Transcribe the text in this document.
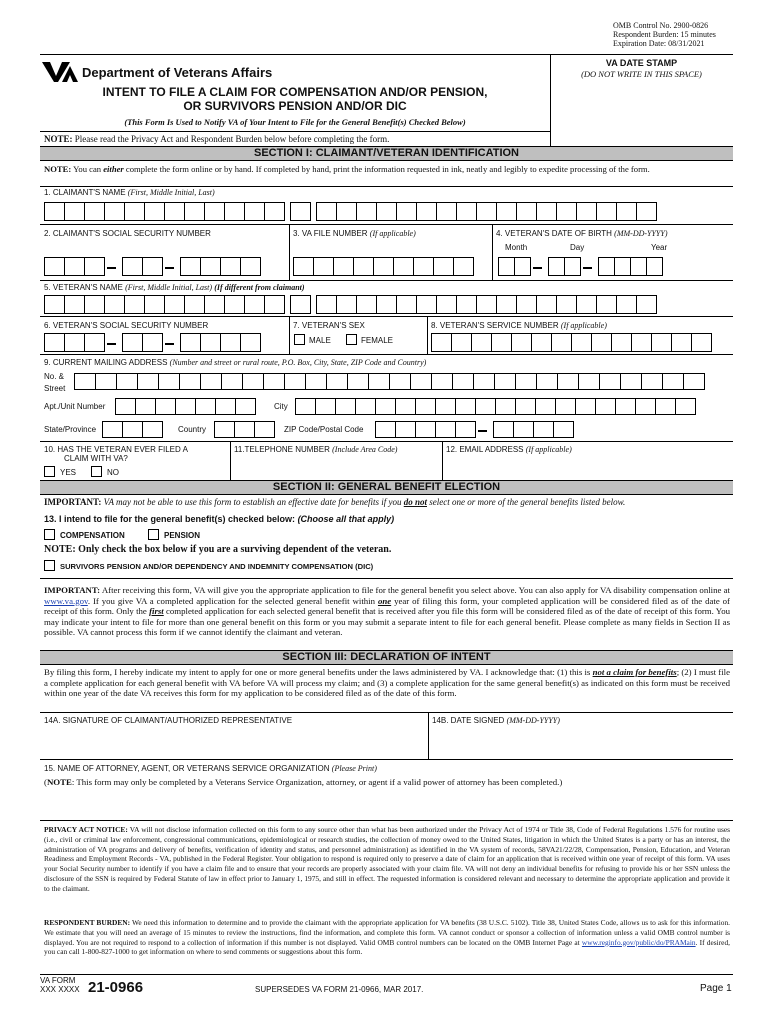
OMB Control No. 2900-0826
Respondent Burden: 15 minutes
Expiration Date: 08/31/2021
Department of Veterans Affairs
INTENT TO FILE A CLAIM FOR COMPENSATION AND/OR PENSION,
OR SURVIVORS PENSION AND/OR DIC
(This Form Is Used to Notify VA of Your Intent to File for the General Benefit(s) Checked Below)
VA DATE STAMP
(DO NOT WRITE IN THIS SPACE)
NOTE: Please read the Privacy Act and Respondent Burden below before completing the form.
SECTION I: CLAIMANT/VETERAN IDENTIFICATION
NOTE: You can either complete the form online or by hand. If completed by hand, print the information requested in ink, neatly and legibly to expedite processing of the form.
1. CLAIMANT'S NAME (First, Middle Initial, Last)
2. CLAIMANT'S SOCIAL SECURITY NUMBER	3. VA FILE NUMBER (If applicable)	4. VETERAN'S DATE OF BIRTH (MM-DD-YYYY)
Month	Day	Year
5. VETERAN'S NAME (First, Middle Initial, Last) (If different from claimant)
6. VETERAN'S SOCIAL SECURITY NUMBER	7. VETERAN'S SEX
MALE	FEMALE
8. VETERAN'S SERVICE NUMBER (If applicable)
9. CURRENT MAILING ADDRESS (Number and street or rural route, P.O. Box, City, State, ZIP Code and Country)
No. &
Street
Apt./Unit Number	City
State/Province	Country	ZIP Code/Postal Code
10. HAS THE VETERAN EVER FILED A
CLAIM WITH VA?
YES	NO
11.TELEPHONE NUMBER (Include Area Code)	12. EMAIL ADDRESS (If applicable)
SECTION II: GENERAL BENEFIT ELECTION
IMPORTANT: VA may not be able to use this form to establish an effective date for benefits if you do not select one or more of the general benefits listed below.
13. I intend to file for the general benefit(s) checked below: (Choose all that apply)
COMPENSATION	PENSION
NOTE: Only check the box below if you are a surviving dependent of the veteran.
SURVIVORS PENSION AND/OR DEPENDENCY AND INDEMNITY COMPENSATION (DIC)
IMPORTANT: After receiving this form, VA will give you the appropriate application to file for the general benefit you select above. You can also apply for VA disability compensation online at www.va.gov. If you give VA a completed application for the selected general benefit within one year of filing this form, your completed application will be considered filed as of the date of receipt of this form. Only the first completed application for each selected general benefit that is received after you file this form will be considered filed as of the date of receipt of this form. You may indicate your intent to file for more than one general benefit on this form or you may submit a separate intent to file for each general benefit. Please complete as many fields in Section II as possible. VA cannot process this form if we cannot identify the claimant and veteran.
SECTION III: DECLARATION OF INTENT
By filing this form, I hereby indicate my intent to apply for one or more general benefits under the laws administered by VA. I acknowledge that: (1) this is not a claim for benefits; (2) I must file a complete application for each general benefit with VA before VA will process my claim; and (3) a complete application for the same general benefit(s) as indicated on this form must be received within one year of the date VA receives this form for my application to be considered filed as of the date of this form.
14A. SIGNATURE OF CLAIMANT/AUTHORIZED REPRESENTATIVE	14B. DATE SIGNED (MM-DD-YYYY)
15. NAME OF ATTORNEY, AGENT, OR VETERANS SERVICE ORGANIZATION (Please Print)
(NOTE: This form may only be completed by a Veterans Service Organization, attorney, or agent if a valid power of attorney has been completed.)
PRIVACY ACT NOTICE: VA will not disclose information collected on this form to any source other than what has been authorized under the Privacy Act of 1974 or Title 38, Code of Federal Regulations 1.576 for routine uses (i.e., civil or criminal law enforcement, congressional communications, epidemiological or research studies, the collection of money owed to the United States, litigation in which the United States is a party or has an interest, the administration of VA programs and delivery of benefits, verification of identity and status, and personnel administration) as identified in the VA system of records, 58VA21/22/28, Compensation, Pension, Education, and Veteran Readiness and Employment Records - VA, published in the Federal Register. Your obligation to respond is required only to preserve a date of claim for an application that is received within one year of receipt of this form. VA uses your Social Security number to identify if you have a claim file and to ensure that your records are properly associated with your claim file. VA will not deny an individual benefits for refusing to provide his or her SSN unless the disclosure of the SSN is required by Federal Statute of law in effect prior to January 1, 1975, and still in effect. The requested information is considered relevant and necessary to determine the appropriate application and provide it to the claimant.
RESPONDENT BURDEN: We need this information to determine and to provide the claimant with the appropriate application for VA benefits (38 U.S.C. 5102). Title 38, United States Code, allows us to ask for this information. We estimate that you will need an average of 15 minutes to review the instructions, find the information, and complete this form. VA cannot conduct or sponsor a collection of information unless a valid OMB control number is displayed. You are not required to respond to a collection of information if this number is not displayed. Valid OMB control numbers can be located on the OMB Internet Page at www.reginfo.gov/public/do/PRAMain. If desired, you can call 1-800-827-1000 to get information on where to send comments or suggestions about this form.
VA FORM
XXX XXXX 21-0966	SUPERSEDES VA FORM 21-0966, MAR 2017.	Page 1
